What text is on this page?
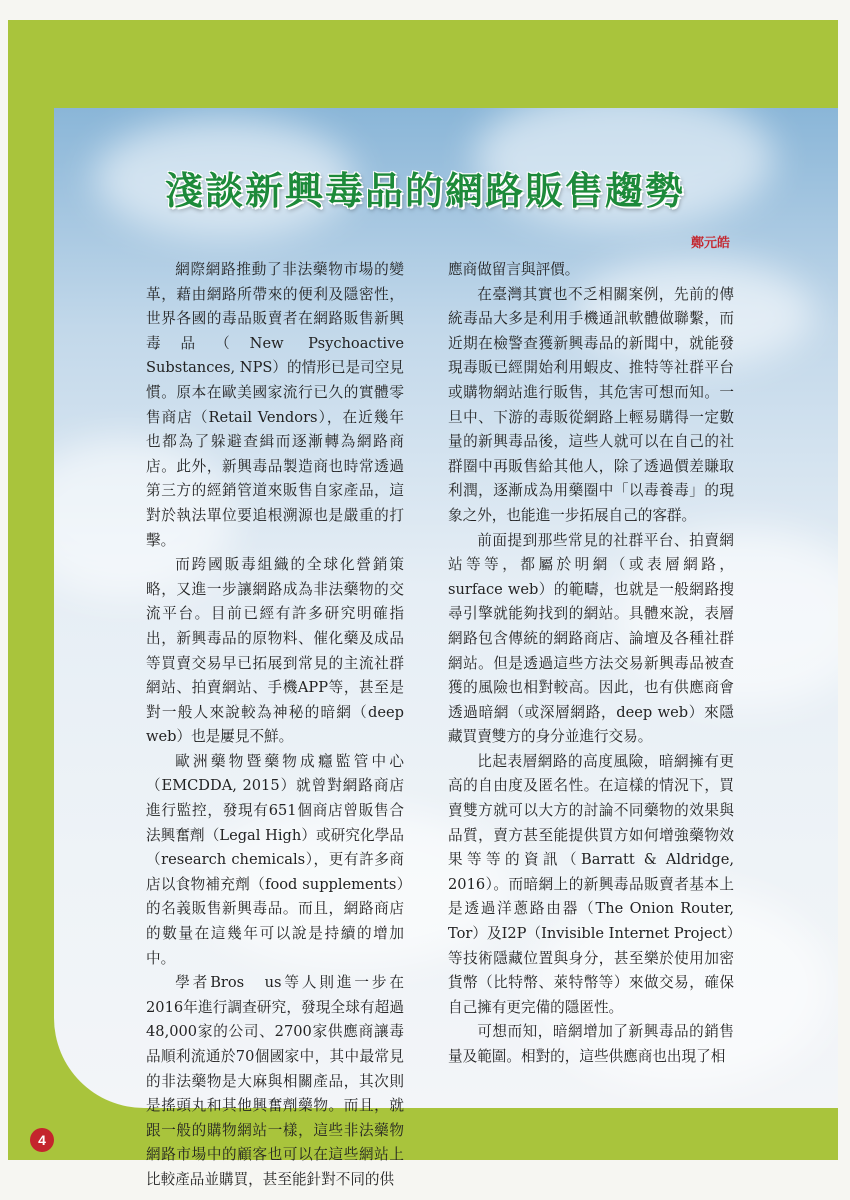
淺談新興毒品的網路販售趨勢
鄭元皓

網際網路推動了非法藥物市場的變革，藉由網路所帶來的便利及隱密性，世界各國的毒品販賣者在網路販售新興毒品（New Psychoactive Substances, NPS）的情形已是司空見慣。原本在歐美國家流行已久的實體零售商店（Retail Vendors），在近幾年也都為了躲避查緝而逐漸轉為網路商店。此外，新興毒品製造商也時常透過第三方的經銷管道來販售自家產品，這對於執法單位要追根溯源也是嚴重的打擊。

而跨國販毒組織的全球化營銷策略，又進一步讓網路成為非法藥物的交流平台。目前已經有許多研究明確指出，新興毒品的原物料、催化藥及成品等買賣交易早已拓展到常見的主流社群網站、拍賣網站、手機APP等，甚至是對一般人來說較為神秘的暗網（deep web）也是屢見不鮮。

歐洲藥物暨藥物成癮監管中心（EMCDDA, 2015）就曾對網路商店進行監控，發現有651個商店曾販售合法興奮劑（Legal High）或研究化學品（research chemicals），更有許多商店以食物補充劑（food supplements）的名義販售新興毒品。而且，網路商店的數量在這幾年可以說是持續的增加中。

學者Bros　us等人則進一步在2016年進行調查研究，發現全球有超過48,000家的公司、2700家供應商讓毒品順利流通於70個國家中，其中最常見的非法藥物是大麻與相關產品，其次則是搖頭丸和其他興奮劑藥物。而且，就跟一般的購物網站一樣，這些非法藥物網路市場中的顧客也可以在這些網站上比較產品並購買，甚至能針對不同的供

應商做留言與評價。

在臺灣其實也不乏相關案例，先前的傳統毒品大多是利用手機通訊軟體做聯繫，而近期在檢警查獲新興毒品的新聞中，就能發現毒販已經開始利用蝦皮、推特等社群平台或購物網站進行販售，其危害可想而知。一旦中、下游的毒販從網路上輕易購得一定數量的新興毒品後，這些人就可以在自己的社群圈中再販售給其他人，除了透過價差賺取利潤，逐漸成為用藥圈中「以毒養毒」的現象之外，也能進一步拓展自己的客群。

前面提到那些常見的社群平台、拍賣網站等等，都屬於明網（或表層網路，surface web）的範疇，也就是一般網路搜尋引擎就能夠找到的網站。具體來說，表層網路包含傳統的網路商店、論壇及各種社群網站。但是透過這些方法交易新興毒品被查獲的風險也相對較高。因此，也有供應商會透過暗網（或深層網路，deep web）來隱藏買賣雙方的身分並進行交易。

比起表層網路的高度風險，暗網擁有更高的自由度及匿名性。在這樣的情況下，買賣雙方就可以大方的討論不同藥物的效果與品質，賣方甚至能提供買方如何增強藥物效果等等的資訊（Barratt & Aldridge, 2016）。而暗網上的新興毒品販賣者基本上是透過洋蔥路由器（The Onion Router, Tor）及I2P（Invisible Internet Project）等技術隱藏位置與身分，甚至樂於使用加密貨幣（比特幣、萊特幣等）來做交易，確保自己擁有更完備的隱匿性。

可想而知，暗網增加了新興毒品的銷售量及範圍。相對的，這些供應商也出現了相

4
